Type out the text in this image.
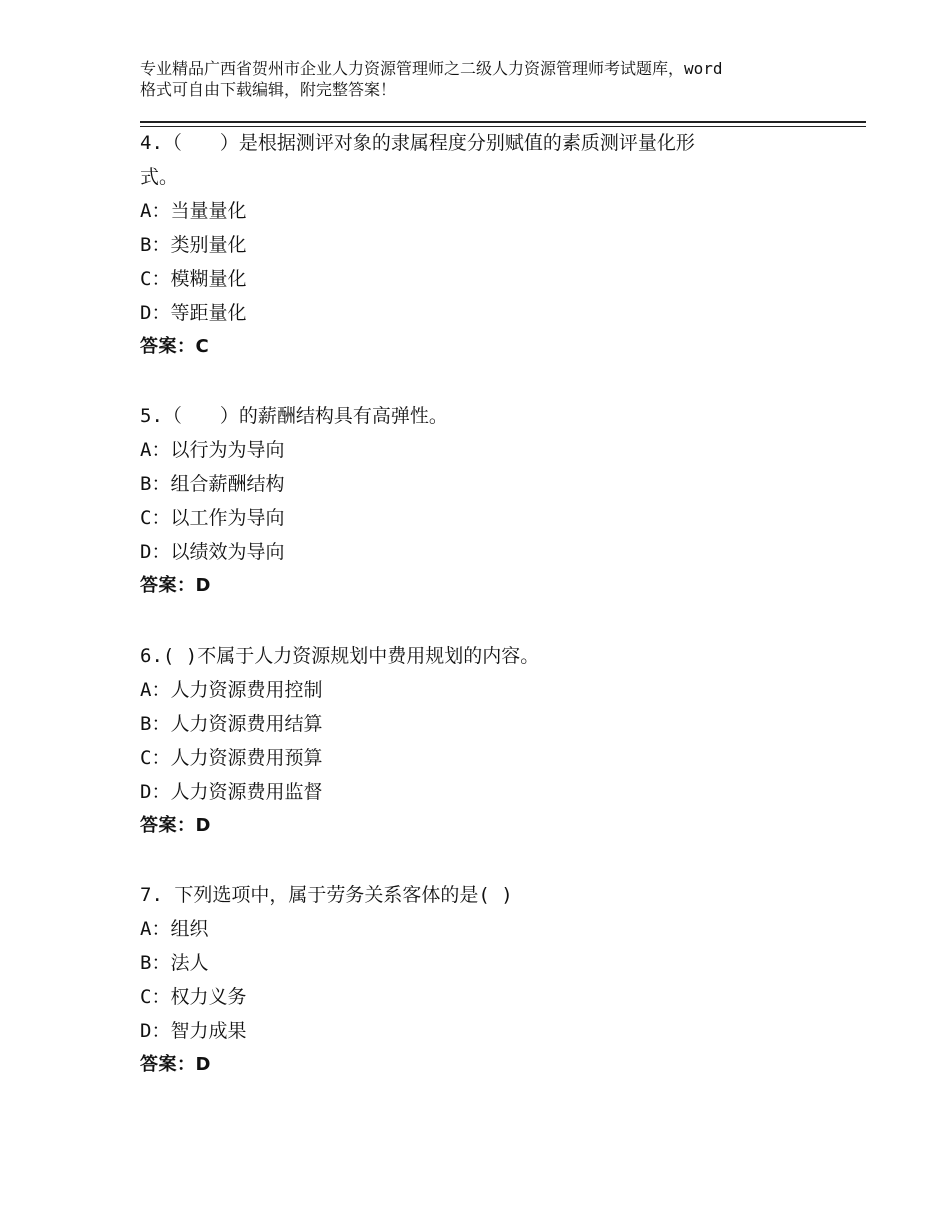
专业精品广西省贺州市企业人力资源管理师之二级人力资源管理师考试题库，word
格式可自由下载编辑，附完整答案！
4.（　　）是根据测评对象的隶属程度分别赋值的素质测评量化形
式。
A：当量量化
B：类别量化
C：模糊量化
D：等距量化
答案：C
5.（　　）的薪酬结构具有高弹性。
A：以行为为导向
B：组合薪酬结构
C：以工作为导向
D：以绩效为导向
答案：D
6.( )不属于人力资源规划中费用规划的内容。
A：人力资源费用控制
B：人力资源费用结算
C：人力资源费用预算
D：人力资源费用监督
答案：D
7. 下列选项中，属于劳务关系客体的是( )
A：组织
B：法人
C：权力义务
D：智力成果
答案：D
